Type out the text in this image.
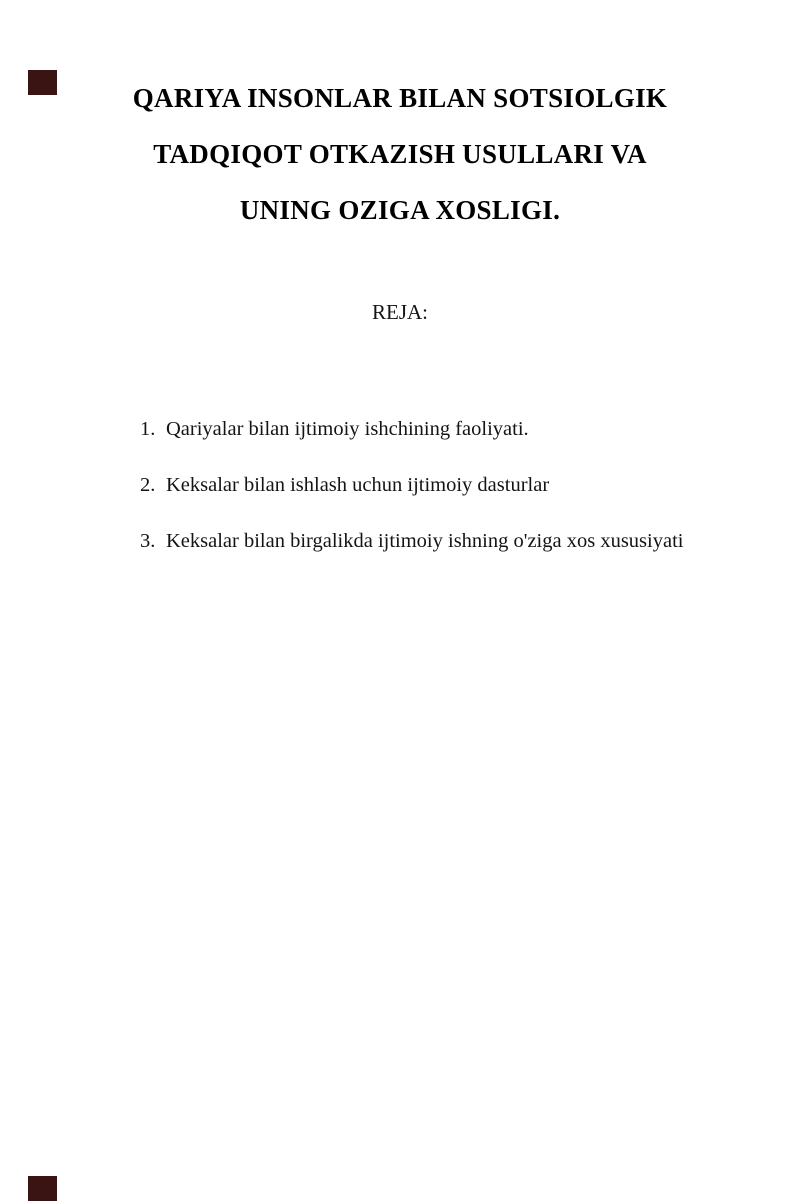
QARIYA INSONLAR BILAN SOTSIOLGIK
TADQIQOT OTKAZISH USULLARI VA
UNING OZIGA XOSLIGI.
REJA:
1. Qariyalar bilan ijtimoiy ishchining faoliyati.
2. Keksalar bilan ishlash uchun ijtimoiy dasturlar
3. Keksalar bilan birgalikda ijtimoiy ishning o'ziga xos xususiyati
